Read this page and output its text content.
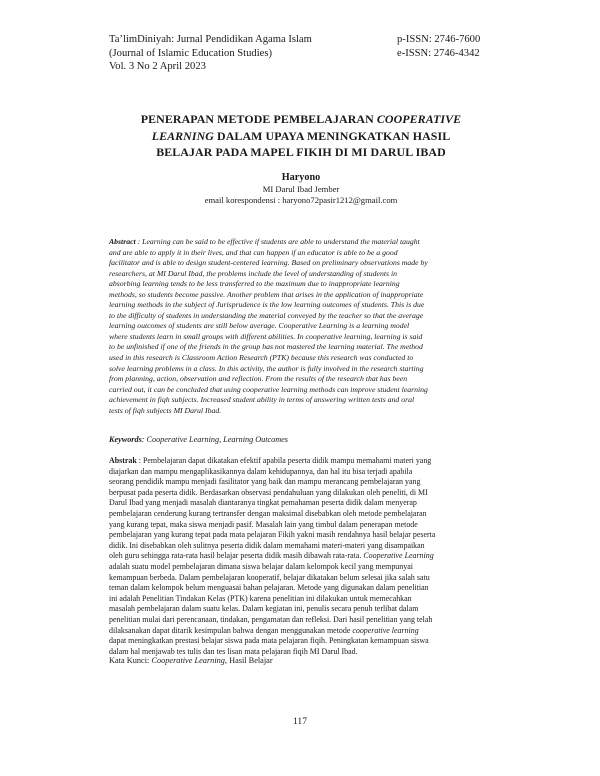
Ta’limDiniyah: Jurnal Pendidikan Agama Islam	p-ISSN: 2746-7600
(Journal of Islamic Education Studies)	e-ISSN: 2746-4342
Vol. 3 No 2 April 2023
PENERAPAN METODE PEMBELAJARAN COOPERATIVE
LEARNING DALAM UPAYA MENINGKATKAN HASIL
BELAJAR PADA MAPEL FIKIH DI MI DARUL IBAD
Haryono
MI Darul Ibad Jember
email korespondensi : haryono72pasir1212@gmail.com
Abstract : Learning can be said to be effective if students are able to understand the material taught
and are able to apply it in their lives, and that can happen if an educator is able to be a good
facilitator and is able to design student-centered learning. Based on preliminary observations made by
researchers, at MI Darul Ibad, the problems include the level of understanding of students in
absorbing learning tends to be less transferred to the maximum due to inappropriate learning
methods, so students become passive. Another problem that arises in the application of inappropriate
learning methods in the subject of Jurisprudence is the low learning outcomes of students. This is due
to the difficulty of students in understanding the material conveyed by the teacher so that the average
learning outcomes of students are still below average. Cooperative Learning is a learning model
where students learn in small groups with different abilities. In cooperative learning, learning is said
to be unfinished if one of the friends in the group has not mastered the learning material. The method
used in this research is Classroom Action Research (PTK) because this research was conducted to
solve learning problems in a class. In this activity, the author is fully involved in the research starting
from planning, action, observation and reflection. From the results of the research that has been
carried out, it can be concluded that using cooperative learning methods can improve student learning
achievement in fiqh subjects. Increased student ability in terms of answering written tests and oral
tests of fiqh subjects MI Darul Ibad.
Keywords: Cooperative Learning, Learning Outcomes
Abstrak : Pembelajaran dapat dikatakan efektif apabila peserta didik mampu memahami materi yang
diajarkan dan mampu mengaplikasikannya dalam kehidupannya, dan hal itu bisa terjadi apabila
seorang pendidik mampu menjadi fasilitator yang baik dan mampu merancang pembelajaran yang
berpusat pada peserta didik. Berdasarkan observasi pendahuluan yang dilakukan oleh peneliti, di MI
Darul Ibad yang menjadi masalah diantaranya tingkat pemahaman peserta didik dalam menyerap
pembelajaran cenderung kurang tertransfer dengan maksimal disebabkan oleh metode pembelajaran
yang kurang tepat, maka siswa menjadi pasif. Masalah lain yang timbul dalam penerapan metode
pembelajaran yang kurang tepat pada mata pelajaran Fikih yakni masih rendahnya hasil belajar peserta
didik. Ini disebabkan oleh sulitnya peserta didik dalam memahami materi-materi yang disampaikan
oleh guru sehingga rata-rata hasil belajar peserta didik masih dibawah rata-rata. Cooperative Learning
adalah suatu model pembelajaran dimana siswa belajar dalam kelompok kecil yang mempunyai
kemampuan berbeda. Dalam pembelajaran kooperatif, belajar dikatakan belum selesai jika salah satu
teman dalam kelompok belum menguasai bahan pelajaran. Metode yang digunakan dalam penelitian
ini adalah Penelitian Tindakan Kelas (PTK) karena penelitian ini dilakukan untuk memecahkan
masalah pembelajaran dalam suatu kelas. Dalam kegiatan ini, penulis secara penuh terlibat dalam
penelitian mulai dari perencanaan, tindakan, pengamatan dan refleksi. Dari hasil penelitian yang telah
dilaksanakan dapat ditarik kesimpulan bahwa dengan menggunakan metode cooperative learning
dapat meningkatkan prestasi belajar siswa pada mata pelajaran fiqih. Peningkatan kemampuan siswa
dalam hal menjawab tes tulis dan tes lisan mata pelajaran fiqih MI Darul Ibad.
Kata Kunci: Cooperative Learning, Hasil Belajar
117
